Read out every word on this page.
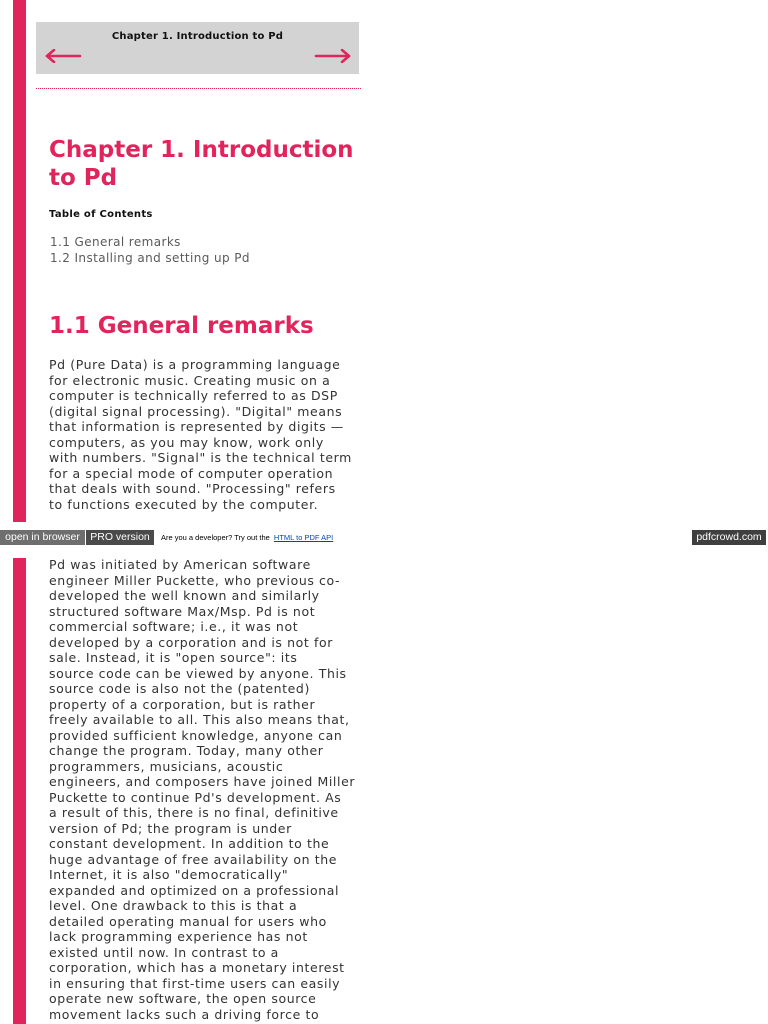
Chapter 1. Introduction to Pd
Chapter 1. Introduction to Pd
Table of Contents
1.1 General remarks
1.2 Installing and setting up Pd
1.1 General remarks
Pd (Pure Data) is a programming language
for electronic music. Creating music on a
computer is technically referred to as DSP
(digital signal processing). "Digital" means
that information is represented by digits —
computers, as you may know, work only
with numbers. "Signal" is the technical term
for a special mode of computer operation
that deals with sound. "Processing" refers
to functions executed by the computer.
open in browser PRO version	Are you a developer? Try out the HTML to PDF API	pdfcrowd.com
Pd was initiated by American software
engineer Miller Puckette, who previous co-
developed the well known and similarly
structured software Max/Msp. Pd is not
commercial software; i.e., it was not
developed by a corporation and is not for
sale. Instead, it is "open source": its
source code can be viewed by anyone. This
source code is also not the (patented)
property of a corporation, but is rather
freely available to all. This also means that,
provided sufficient knowledge, anyone can
change the program. Today, many other
programmers, musicians, acoustic
engineers, and composers have joined Miller
Puckette to continue Pd's development. As
a result of this, there is no final, definitive
version of Pd; the program is under
constant development. In addition to the
huge advantage of free availability on the
Internet, it is also "democratically"
expanded and optimized on a professional
level. One drawback to this is that a
detailed operating manual for users who
lack programming experience has not
existed until now. In contrast to a
corporation, which has a monetary interest
in ensuring that first-time users can easily
operate new software, the open source
movement lacks such a driving force to
